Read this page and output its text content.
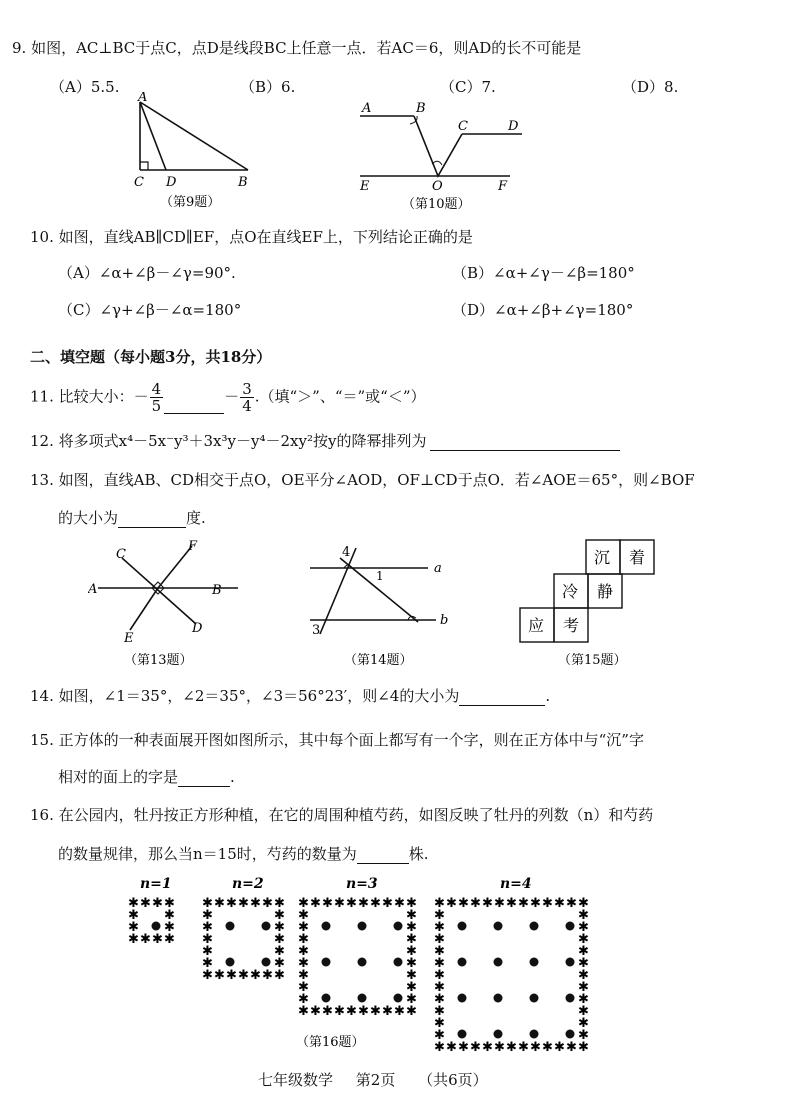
9. 如图，AC⊥BC于点C，点D是线段BC上任意一点．若AC＝6，则AD的长不可能是
（A）5.5.	（B）6.	（C）7.	（D）8.
A
C D	B
（第9题）
A	B
C	D
E	O	F
（第10题）
10. 如图，直线AB∥CD∥EF，点O在直线EF上，下列结论正确的是
（A）∠α+∠β－∠γ=90°.	（B）∠α+∠γ－∠β=180°
（C）∠γ+∠β－∠α=180°	（D）∠α+∠β+∠γ=180°
二、填空题（每小题3分，共18分）
11. 比较大小：－ $\frac{4}{5}$	－ $\frac{3}{4}$ .（填“＞”、“＝”或“＜”）
12. 将多项式x⁴－5x⁻y³＋3x³y－y⁴－2xy²按y的降幂排列为
13. 如图，直线AB、CD相交于点O，OE平分∠AOD，OF⊥CD于点O．若∠AOE＝65°，则∠BOF
的大小为	度.
C
F
A	B
E
D
（第13题）
4
1
3
a
b
（第14题）
沉 着
冷 静
应 考
（第15题）
14. 如图，∠1＝35°，∠2＝35°，∠3＝56°23′，则∠4的大小为	.
15. 正方体的一种表面展开图如图所示，其中每个面上都写有一个字，则在正方体中与“沉”字
相对的面上的字是	.
16. 在公园内，牡丹按正方形种植，在它的周围种植芍药，如图反映了牡丹的列数（n）和芍药
的数量规律，那么当n＝15时，芍药的数量为	株.
n=1
✱ ✱ ✱ ✱
✱ ✱
✱ ✱
✱ ✱ ✱ ✱
n=2
✱ ✱ ✱ ✱ ✱ ✱ ✱
✱	✱
✱	✱
✱	✱
✱	✱
✱	✱
✱ ✱ ✱ ✱ ✱ ✱ ✱
n=3
✱ ✱ ✱ ✱ ✱ ✱ ✱ ✱ ✱ ✱
✱	✱
✱	✱
✱	✱
✱	✱
✱	✱
✱	✱
✱	✱
✱	✱
✱ ✱ ✱ ✱ ✱ ✱ ✱ ✱ ✱ ✱
n=4
✱ ✱ ✱ ✱ ✱ ✱ ✱ ✱ ✱ ✱ ✱ ✱ ✱
✱	✱
✱	✱
✱	✱
✱	✱
✱	✱
✱	✱
✱	✱
✱	✱
✱	✱
✱	✱
✱	✱
✱ ✱ ✱ ✱ ✱ ✱ ✱ ✱ ✱ ✱ ✱ ✱ ✱
（第16题）
七年级数学 第2页 （共6页）
